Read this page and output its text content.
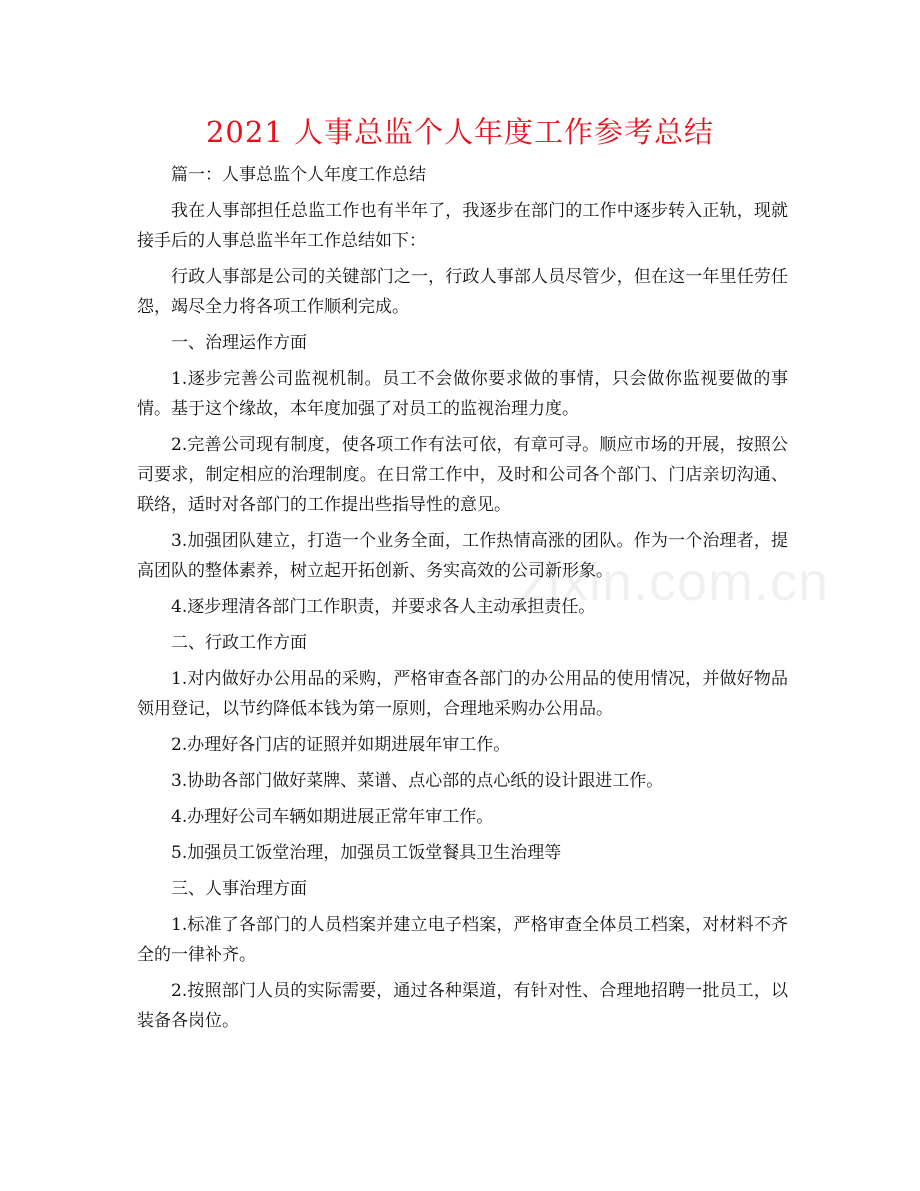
zixin.com.cn
2021 人事总监个人年度工作参考总结

篇一：人事总监个人年度工作总结

我在人事部担任总监工作也有半年了，我逐步在部门的工作中逐步转入正轨，现就接手后的人事总监半年工作总结如下：

行政人事部是公司的关键部门之一，行政人事部人员尽管少，但在这一年里任劳任怨，竭尽全力将各项工作顺利完成。

一、治理运作方面

1.逐步完善公司监视机制。员工不会做你要求做的事情，只会做你监视要做的事情。基于这个缘故，本年度加强了对员工的监视治理力度。

2.完善公司现有制度，使各项工作有法可依，有章可寻。顺应市场的开展，按照公司要求，制定相应的治理制度。在日常工作中，及时和公司各个部门、门店亲切沟通、联络，适时对各部门的工作提出些指导性的意见。

3.加强团队建立，打造一个业务全面，工作热情高涨的团队。作为一个治理者，提高团队的整体素养，树立起开拓创新、务实高效的公司新形象。

4.逐步理清各部门工作职责，并要求各人主动承担责任。

二、行政工作方面

1.对内做好办公用品的采购，严格审查各部门的办公用品的使用情况，并做好物品领用登记，以节约降低本钱为第一原则，合理地采购办公用品。

2.办理好各门店的证照并如期进展年审工作。

3.协助各部门做好菜牌、菜谱、点心部的点心纸的设计跟进工作。

4.办理好公司车辆如期进展正常年审工作。

5.加强员工饭堂治理，加强员工饭堂餐具卫生治理等

三、人事治理方面

1.标准了各部门的人员档案并建立电子档案，严格审查全体员工档案，对材料不齐全的一律补齐。

2.按照部门人员的实际需要，通过各种渠道，有针对性、合理地招聘一批员工，以装备各岗位。
